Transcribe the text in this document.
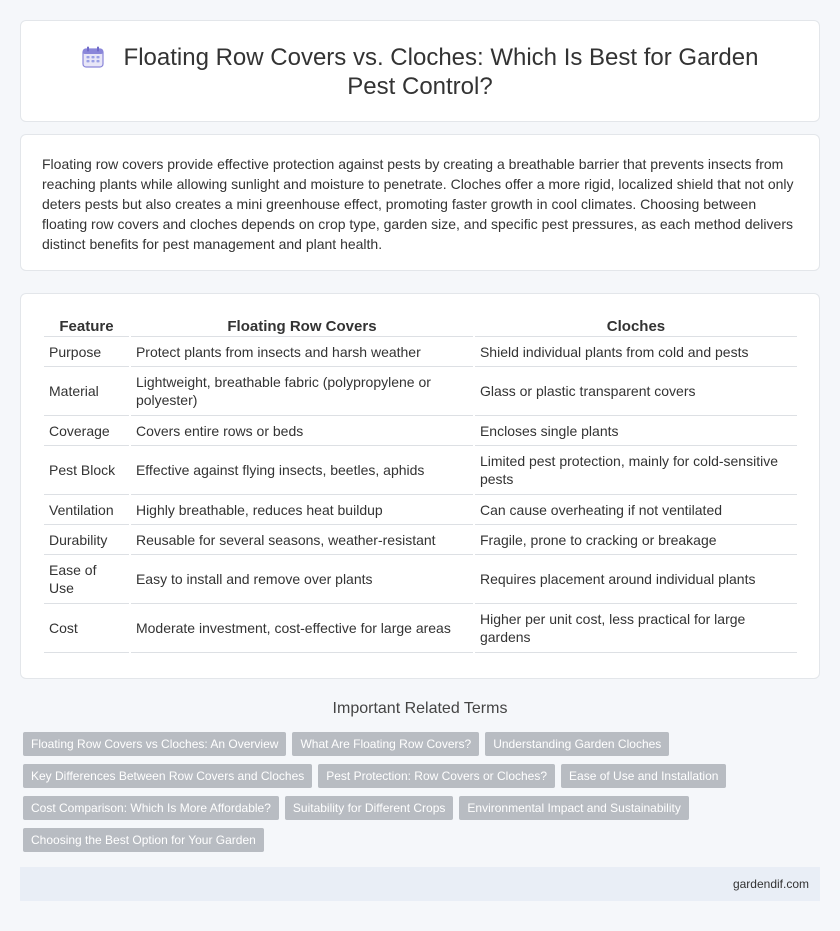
Floating Row Covers vs. Cloches: Which Is Best for Garden Pest Control?

Floating row covers provide effective protection against pests by creating a breathable barrier that prevents insects from reaching plants while allowing sunlight and moisture to penetrate. Cloches offer a more rigid, localized shield that not only deters pests but also creates a mini greenhouse effect, promoting faster growth in cool climates. Choosing between floating row covers and cloches depends on crop type, garden size, and specific pest pressures, as each method delivers distinct benefits for pest management and plant health.

Feature	Floating Row Covers	Cloches
Purpose	Protect plants from insects and harsh weather	Shield individual plants from cold and pests
Material	Lightweight, breathable fabric (polypropylene or polyester)	Glass or plastic transparent covers
Coverage	Covers entire rows or beds	Encloses single plants
Pest Block	Effective against flying insects, beetles, aphids	Limited pest protection, mainly for cold-sensitive pests
Ventilation	Highly breathable, reduces heat buildup	Can cause overheating if not ventilated
Durability	Reusable for several seasons, weather-resistant	Fragile, prone to cracking or breakage
Ease of Use	Easy to install and remove over plants	Requires placement around individual plants
Cost	Moderate investment, cost-effective for large areas	Higher per unit cost, less practical for large gardens
Important Related Terms
Floating Row Covers vs Cloches: An Overview	What Are Floating Row Covers?	Understanding Garden Cloches
Key Differences Between Row Covers and Cloches	Pest Protection: Row Covers or Cloches?	Ease of Use and Installation
Cost Comparison: Which Is More Affordable?	Suitability for Different Crops	Environmental Impact and Sustainability
Choosing the Best Option for Your Garden
gardendif.com
